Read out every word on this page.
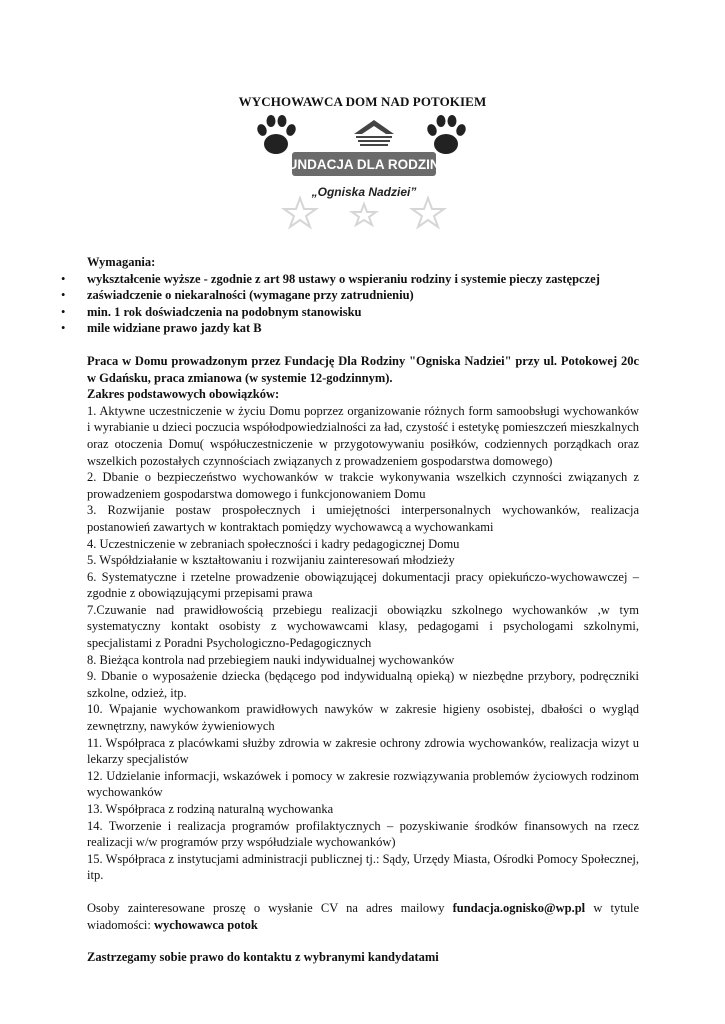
WYCHOWAWCA DOM NAD POTOKIEM
FUNDACJA DLA RODZINY
„Ogniska Nadziei”
Wymagania:
• wykształcenie wyższe - zgodnie z art 98 ustawy o wspieraniu rodziny i systemie pieczy zastępczej
• zaświadczenie o niekaralności (wymagane przy zatrudnieniu)
• min. 1 rok doświadczenia na podobnym stanowisku
• mile widziane prawo jazdy kat B

Praca w Domu prowadzonym przez Fundację Dla Rodziny "Ogniska Nadziei" przy ul. Potokowej 20c w Gdańsku, praca zmianowa (w systemie 12-godzinnym).

Zakres podstawowych obowiązków:
1. Aktywne uczestniczenie w życiu Domu poprzez organizowanie różnych form samoobsługi wychowanków i wyrabianie u dzieci poczucia współodpowiedzialności za ład, czystość i estetykę pomieszczeń mieszkalnych oraz otoczenia Domu( współuczestniczenie w przygotowywaniu posiłków, codziennych porządkach oraz wszelkich pozostałych czynnościach związanych z prowadzeniem gospodarstwa domowego)
2. Dbanie o bezpieczeństwo wychowanków w trakcie wykonywania wszelkich czynności związanych z prowadzeniem gospodarstwa domowego i funkcjonowaniem Domu
3. Rozwijanie postaw prospołecznych i umiejętności interpersonalnych wychowanków, realizacja postanowień zawartych w kontraktach pomiędzy wychowawcą a wychowankami
4. Uczestniczenie w zebraniach społeczności i kadry pedagogicznej Domu
5. Współdziałanie w kształtowaniu i rozwijaniu zainteresowań młodzieży
6. Systematyczne i rzetelne prowadzenie obowiązującej dokumentacji pracy opiekuńczo-wychowawczej – zgodnie z obowiązującymi przepisami prawa
7.Czuwanie nad prawidłowością przebiegu realizacji obowiązku szkolnego wychowanków ,w tym systematyczny kontakt osobisty z wychowawcami klasy, pedagogami i psychologami szkolnymi, specjalistami z Poradni Psychologiczno-Pedagogicznych
8. Bieżąca kontrola nad przebiegiem nauki indywidualnej wychowanków
9. Dbanie o wyposażenie dziecka (będącego pod indywidualną opieką) w niezbędne przybory, podręczniki szkolne, odzież, itp.
10. Wpajanie wychowankom prawidłowych nawyków w zakresie higieny osobistej, dbałości o wygląd zewnętrzny, nawyków żywieniowych
11. Współpraca z placówkami służby zdrowia w zakresie ochrony zdrowia wychowanków, realizacja wizyt u lekarzy specjalistów
12. Udzielanie informacji, wskazówek i pomocy w zakresie rozwiązywania problemów życiowych rodzinom wychowanków
13. Współpraca z rodziną naturalną wychowanka
14. Tworzenie i realizacja programów profilaktycznych – pozyskiwanie środków finansowych na rzecz realizacji w/w programów przy współudziale wychowanków)
15. Współpraca z instytucjami administracji publicznej tj.: Sądy, Urzędy Miasta, Ośrodki Pomocy Społecznej, itp.

Osoby zainteresowane proszę o wysłanie CV na adres mailowy fundacja.ognisko@wp.pl w tytule wiadomości: wychowawca potok

Zastrzegamy sobie prawo do kontaktu z wybranymi kandydatami
